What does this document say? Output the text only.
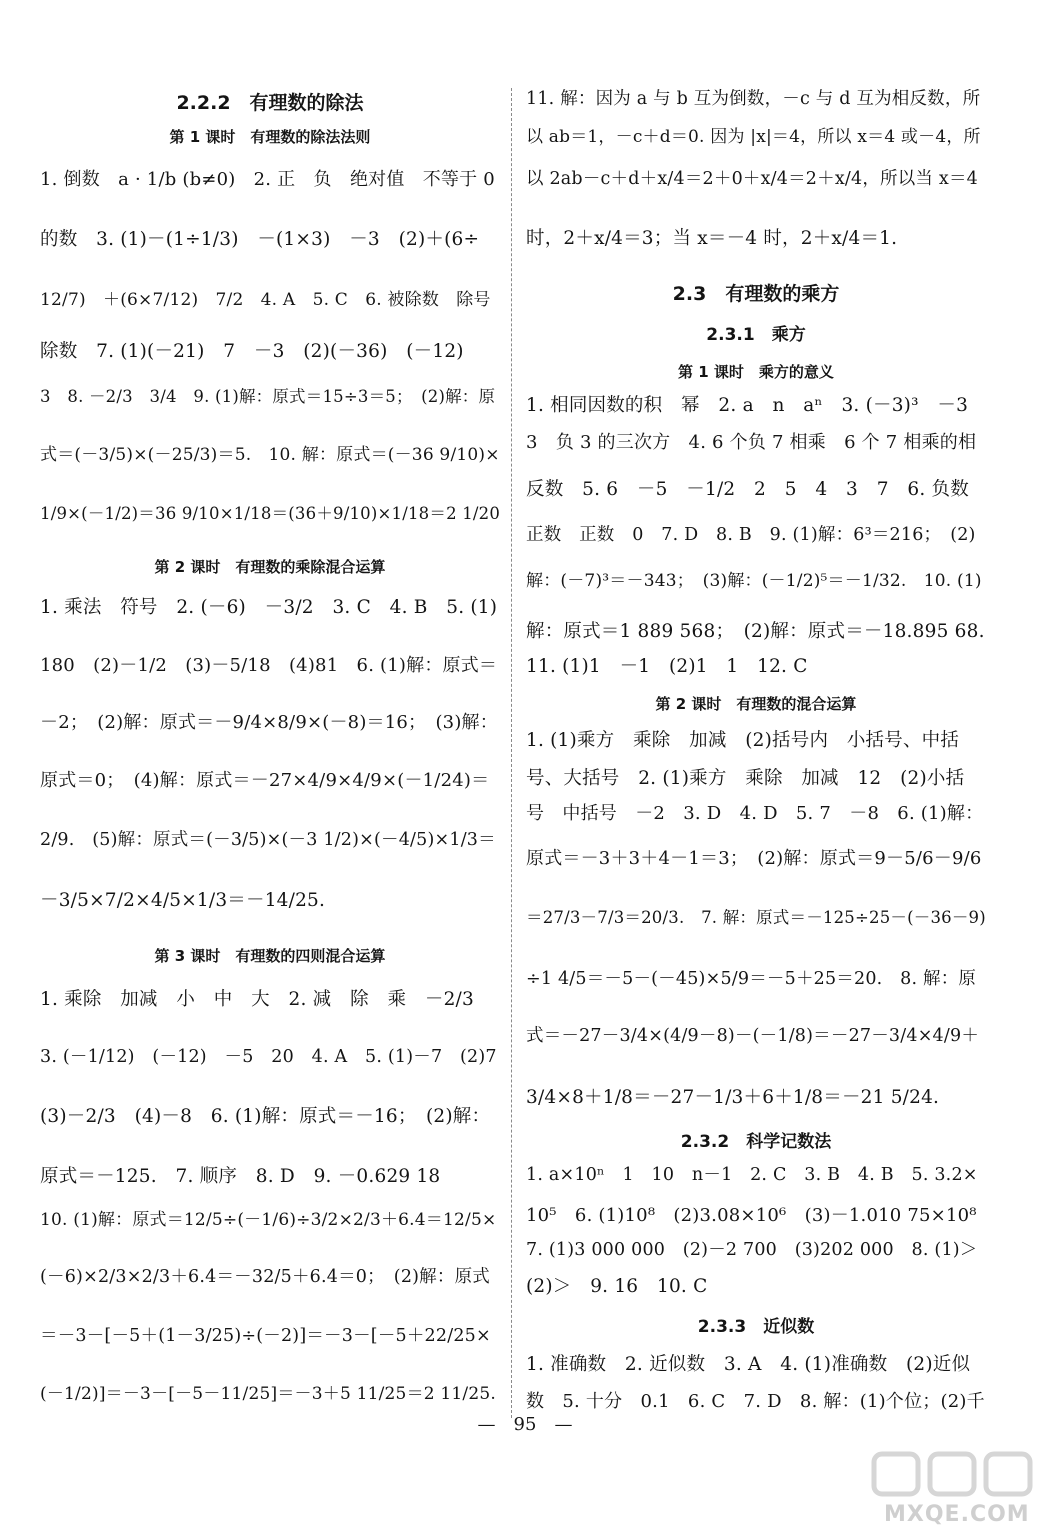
2.2.2　有理数的除法
第 1 课时　有理数的除法法则
1. 倒数　a · 1/b (b≠0)　2. 正　负　绝对值　不等于 0
的数　3. (1)－(1÷1/3)　－(1×3)　－3　(2)＋(6÷
12/7)　＋(6×7/12)　7/2　4. A　5. C　6. 被除数　除号
除数　7. (1)(－21)　7　－3　(2)(－36)　(－12)
3　8. －2/3　3/4　9. (1)解：原式＝15÷3＝5；　(2)解：原
式＝(－3/5)×(－25/3)＝5.　10. 解：原式＝(－36 9/10)×
1/9×(－1/2)＝36 9/10×1/18＝(36＋9/10)×1/18＝2 1/20
第 2 课时　有理数的乘除混合运算
1. 乘法　符号　2. (－6)　－3/2　3. C　4. B　5. (1)
180　(2)－1/2　(3)－5/18　(4)81　6. (1)解：原式＝
－2；　(2)解：原式＝－9/4×8/9×(－8)＝16；　(3)解：
原式＝0；　(4)解：原式＝－27×4/9×4/9×(－1/24)＝
2/9.　(5)解：原式＝(－3/5)×(－3 1/2)×(－4/5)×1/3＝
－3/5×7/2×4/5×1/3＝－14/25.
第 3 课时　有理数的四则混合运算
1. 乘除　加减　小　中　大　2. 减　除　乘　－2/3
3. (－1/12)　(－12)　－5　20　4. A　5. (1)－7　(2)7
(3)－2/3　(4)－8　6. (1)解：原式＝－16；　(2)解：
原式＝－125.　7. 顺序　8. D　9. －0.629 18
10. (1)解：原式＝12/5÷(－1/6)÷3/2×2/3＋6.4＝12/5×
(－6)×2/3×2/3＋6.4＝－32/5＋6.4＝0；　(2)解：原式
＝－3－[－5＋(1－3/25)÷(－2)]＝－3－[－5＋22/25×
(－1/2)]＝－3－[－5－11/25]＝－3＋5 11/25＝2 11/25.
11. 解：因为 a 与 b 互为倒数，－c 与 d 互为相反数，所
以 ab＝1，－c＋d＝0. 因为 |x|＝4，所以 x＝4 或－4，所
以 2ab－c＋d＋x/4＝2＋0＋x/4＝2＋x/4，所以当 x＝4
时，2＋x/4＝3；当 x＝－4 时，2＋x/4＝1.
2.3　有理数的乘方
2.3.1　乘方
第 1 课时　乘方的意义
1. 相同因数的积　幂　2. a　n　aⁿ　3. (－3)³　－3
3　负 3 的三次方　4. 6 个负 7 相乘　6 个 7 相乘的相
反数　5. 6　－5　－1/2　2　5　4　3　7　6. 负数
正数　正数　0　7. D　8. B　9. (1)解：6³＝216；　(2)
解：(－7)³＝－343；　(3)解：(－1/2)⁵＝－1/32.　10. (1)
解：原式＝1 889 568；　(2)解：原式＝－18.895 68.
11. (1)1　－1　(2)1　1　12. C
第 2 课时　有理数的混合运算
1. (1)乘方　乘除　加减　(2)括号内　小括号、中括
号、大括号　2. (1)乘方　乘除　加减　12　(2)小括
号　中括号　－2　3. D　4. D　5. 7　－8　6. (1)解：
原式＝－3＋3＋4－1＝3；　(2)解：原式＝9－5/6－9/6
＝27/3－7/3＝20/3.　7. 解：原式＝－125÷25－(－36－9)
÷1 4/5＝－5－(－45)×5/9＝－5＋25＝20.　8. 解：原
式＝－27－3/4×(4/9－8)－(－1/8)＝－27－3/4×4/9＋
3/4×8＋1/8＝－27－1/3＋6＋1/8＝－21 5/24.
2.3.2　科学记数法
1. a×10ⁿ　1　10　n－1　2. C　3. B　4. B　5. 3.2×
10⁵　6. (1)10⁸　(2)3.08×10⁶　(3)－1.010 75×10⁸
7. (1)3 000 000　(2)－2 700　(3)202 000　8. (1)＞
(2)＞　9. 16　10. C
2.3.3　近似数
1. 准确数　2. 近似数　3. A　4. (1)准确数　(2)近似
数　5. 十分　0.1　6. C　7. D　8. 解：(1)个位；(2)千
—　95　—
MXQE.COM
